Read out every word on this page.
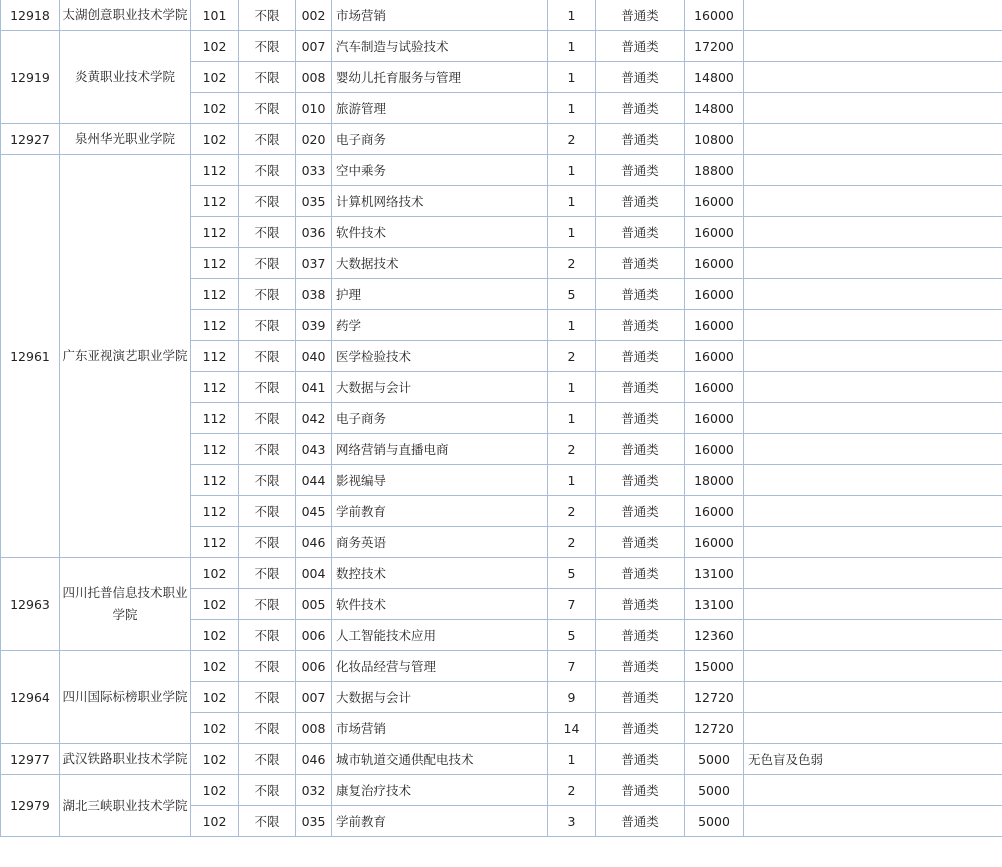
12918	太湖创意职业技术学院	101	不限	002	市场营销	1	普通类	16000	
12919	炎黄职业技术学院	102	不限	007	汽车制造与试验技术	1	普通类	17200	
		102	不限	008	婴幼儿托育服务与管理	1	普通类	14800	
		102	不限	010	旅游管理	1	普通类	14800	
12927	泉州华光职业学院	102	不限	020	电子商务	2	普通类	10800	
12961	广东亚视演艺职业学院	112	不限	033	空中乘务	1	普通类	18800	
		112	不限	035	计算机网络技术	1	普通类	16000	
		112	不限	036	软件技术	1	普通类	16000	
		112	不限	037	大数据技术	2	普通类	16000	
		112	不限	038	护理	5	普通类	16000	
		112	不限	039	药学	1	普通类	16000	
		112	不限	040	医学检验技术	2	普通类	16000	
		112	不限	041	大数据与会计	1	普通类	16000	
		112	不限	042	电子商务	1	普通类	16000	
		112	不限	043	网络营销与直播电商	2	普通类	16000	
		112	不限	044	影视编导	1	普通类	18000	
		112	不限	045	学前教育	2	普通类	16000	
		112	不限	046	商务英语	2	普通类	16000	
12963	四川托普信息技术职业学院	102	不限	004	数控技术	5	普通类	13100	
		102	不限	005	软件技术	7	普通类	13100	
		102	不限	006	人工智能技术应用	5	普通类	12360	
12964	四川国际标榜职业学院	102	不限	006	化妆品经营与管理	7	普通类	15000	
		102	不限	007	大数据与会计	9	普通类	12720	
		102	不限	008	市场营销	14	普通类	12720	
12977	武汉铁路职业技术学院	102	不限	046	城市轨道交通供配电技术	1	普通类	5000	无色盲及色弱
12979	湖北三峡职业技术学院	102	不限	032	康复治疗技术	2	普通类	5000	
		102	不限	035	学前教育	3	普通类	5000	
